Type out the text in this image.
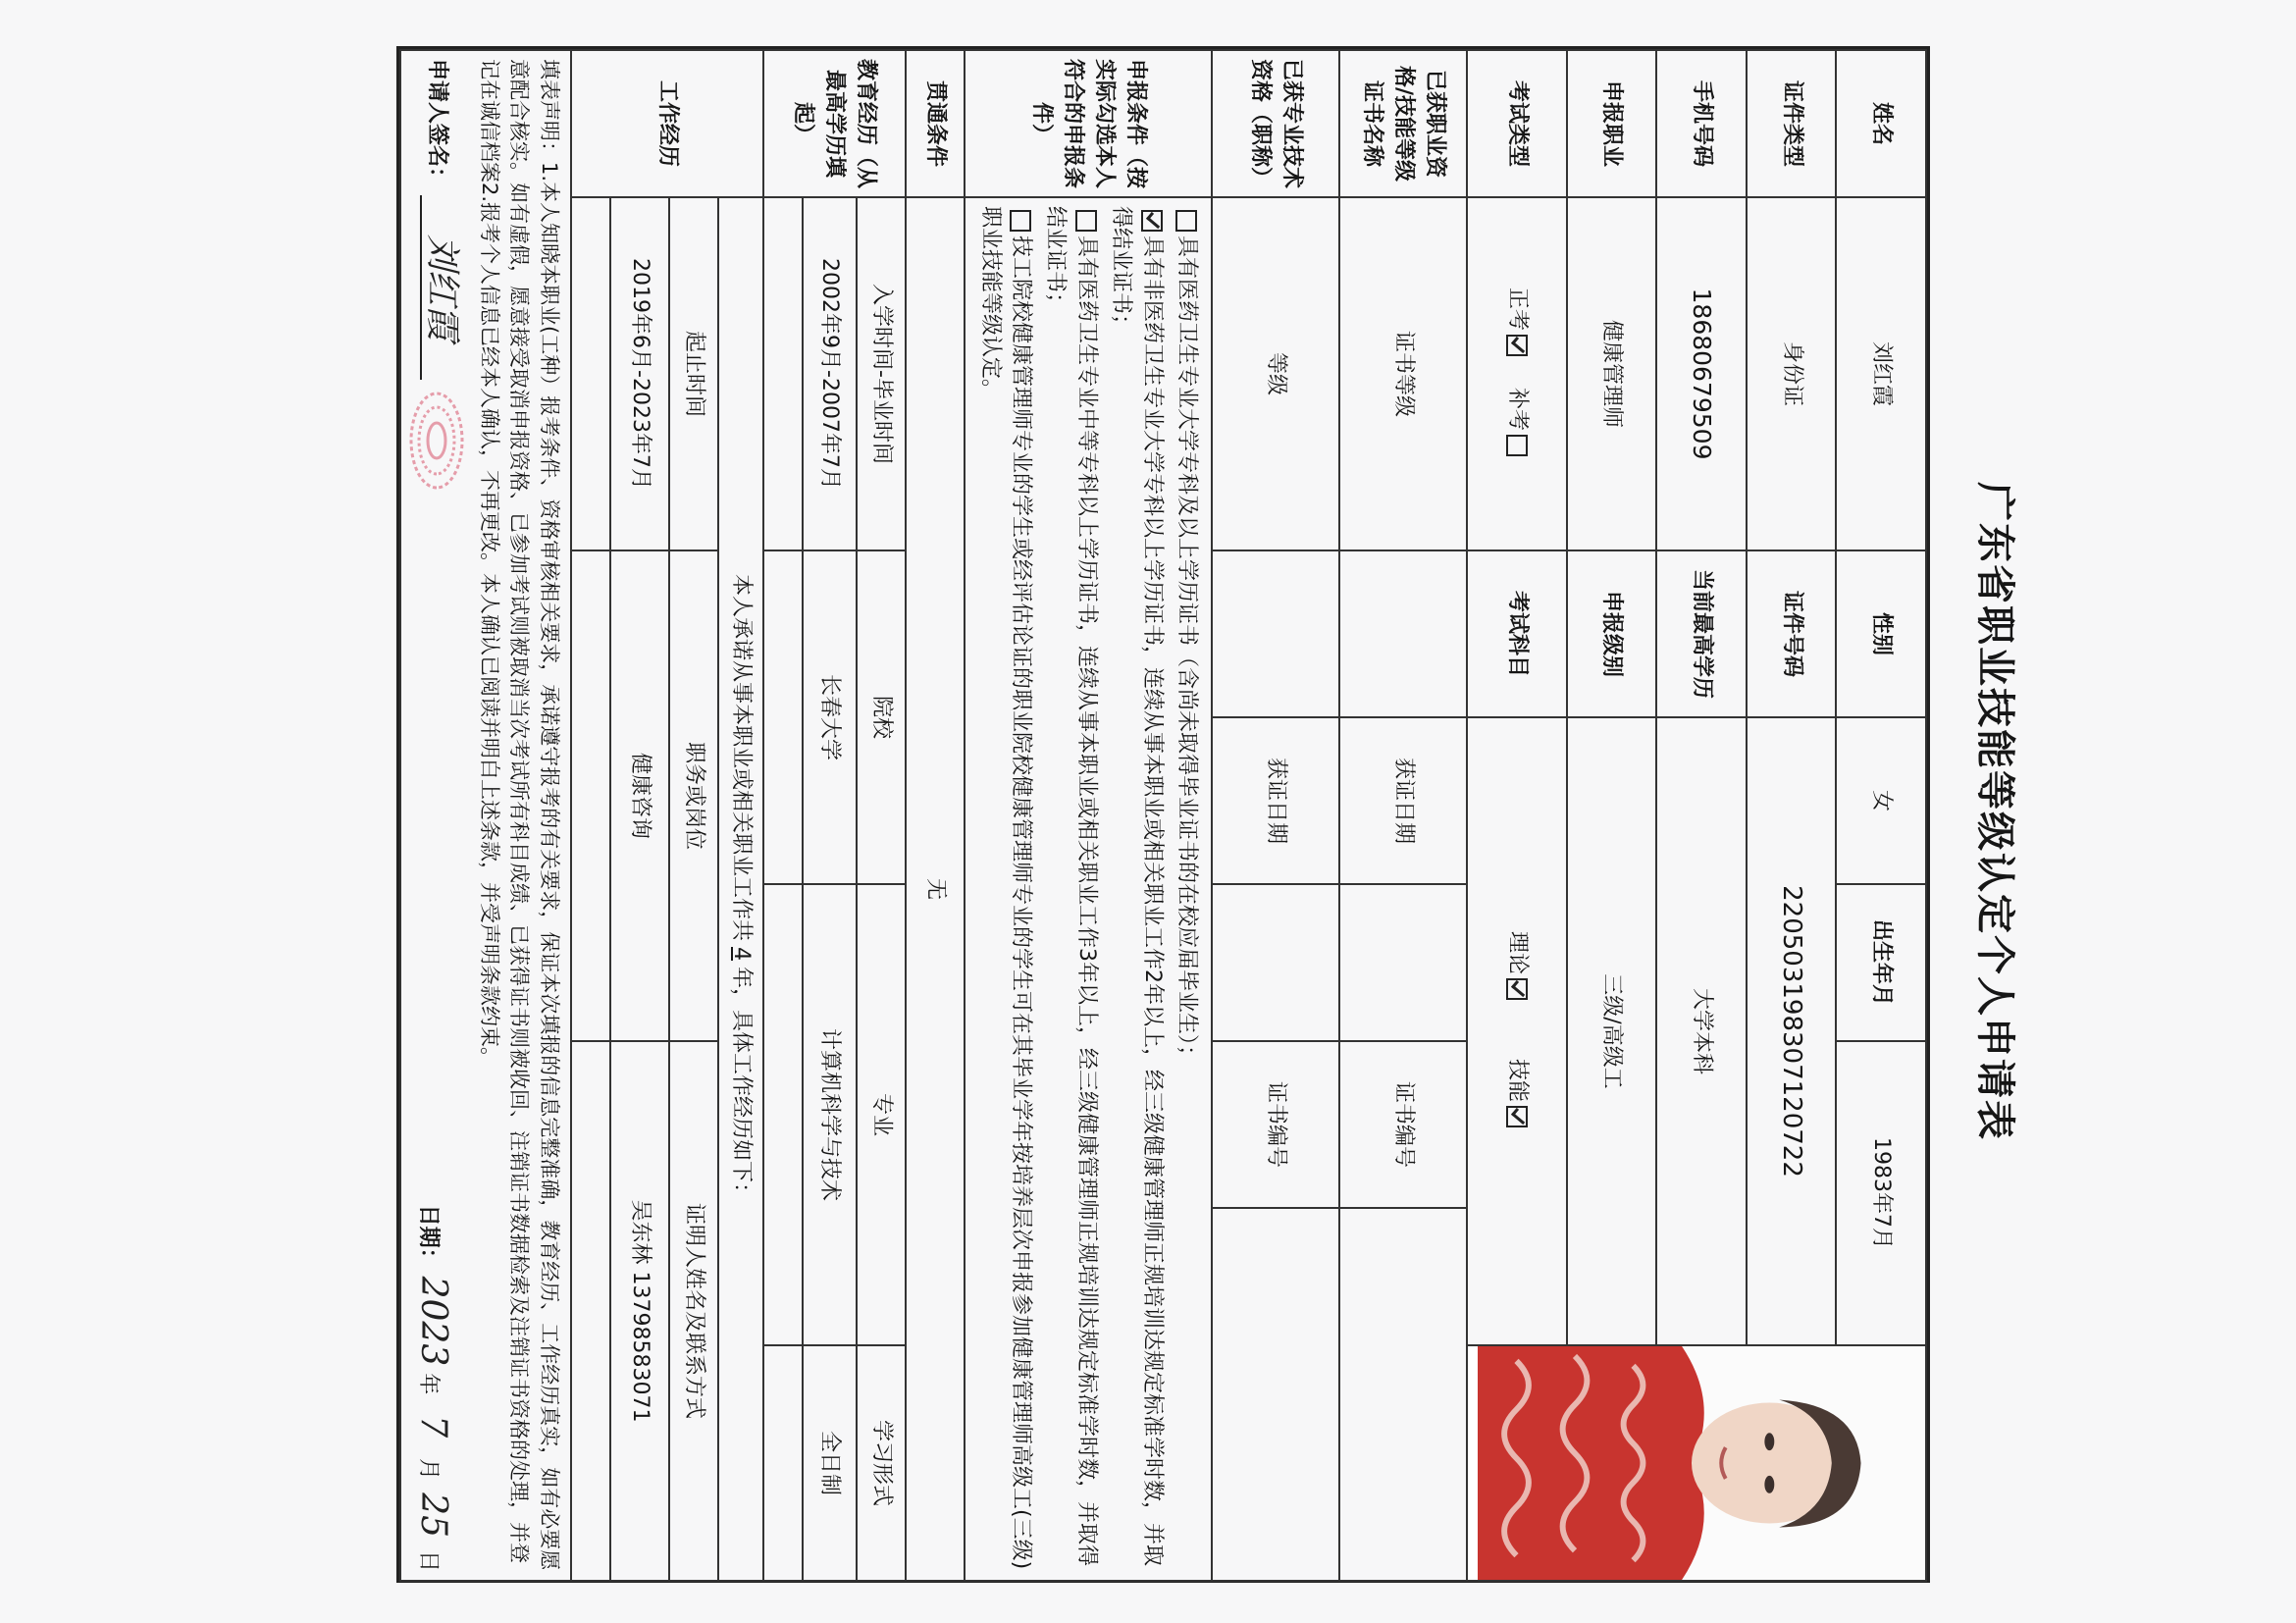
广东省职业技能等级认定个人申请表
姓名	刘红霞	性别	女	出生年月	1983年7月	

证件类型	身份证	证件号码	220503198307120722				
手机号码	18680679509	当前最高学历	大学本科				
申报职业	健康管理师	申报级别	三级/高级工				
考试类型	正考    补考	考试科目	理论        技能				
已获职业资格/技能等级证书名称	证书等级		获证日期		证书编号		
已获专业技术资格（职称）	等级		获证日期		证书编号		
申报条件（按实际勾选本人符合的申报条件）	具有医药卫生专业大学专科及以上学历证书（含尚未取得毕业证书的在校应届毕业生）；
具有非医药卫生专业大学专科以上学历证书，连续从事本职业或相关职业工作2年以上，经三级健康管理师正规培训达规定标准学时数，并取得结业证书；
具有医药卫生专业中等专科以上学历证书，连续从事本职业或相关职业工作3年以上，经三级健康管理师正规培训达规定标准学时数，并取得结业证书；
技工院校健康管理师专业的学生或经评估论证的职业院校健康管理师专业的学生可在其毕业学年按培养层次申报参加健康管理师高级工(三级)职业技能等级认定。						

贯通条件	无						
教育经历（从最高学历填起）	入学时间-毕业时间	院校		专业			学习形式
	2002年9月-2007年7月	长春大学		计算机科学与技术			全日制

工作经历	本人承诺从事本职业或相关职业工作共4年，具体工作经历如下：						
	起止时间	职务或岗位			证明人姓名及联系方式		
	2019年6月-2023年7月	健康咨询			吴东林 13798583071		

填表声明：1.本人知晓本职业(工种）报考条件、资格审核相关要求，承诺遵守报考的有关要求，保证本次填报的信息完整准确，教育经历、工作经历真实，如有必要愿意配合核实。如有虚假，愿意接受取消申报资格、已参加考试则被取消当次考试所有科目成绩、已获得证书则被收回、注销证书数据检索及注销证书资格的处理，并登记在诚信档案2.报考个人信息已经本人确认，不再更改。本人确认已阅读并明白上述条款，并受声明条款约束。
申请人签名： 刘红霞
日期： 2023 年 7 月 25 日							
